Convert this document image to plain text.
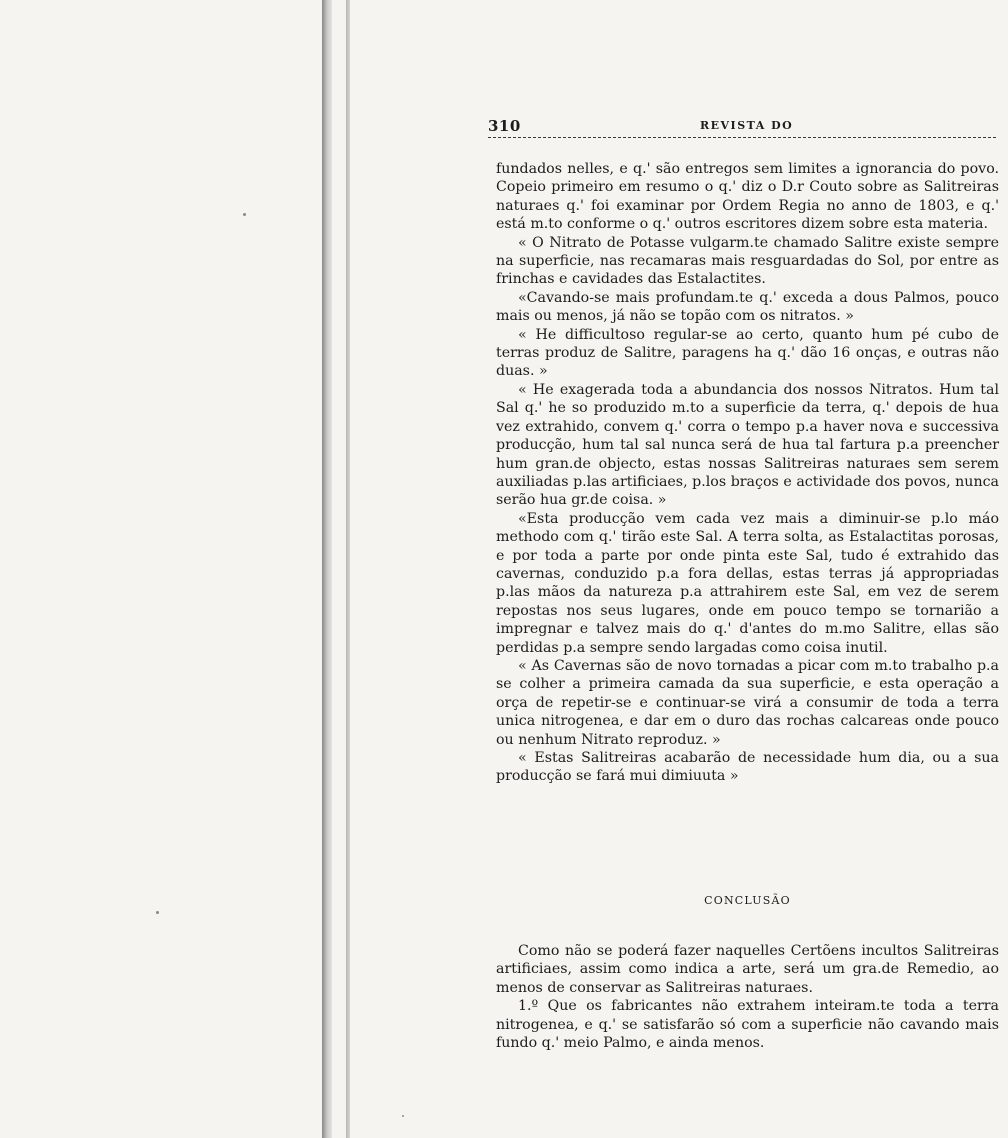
310	REVISTA DO

fundados nelles, e q.' são entregos sem limites a ignorancia do povo. Copeio primeiro em resumo o q.' diz o D.r Couto sobre as Salitreiras naturaes q.' foi examinar por Ordem Regia no anno de 1803, e q.' está m.to conforme o q.' outros escritores dizem sobre esta materia.

« O Nitrato de Potasse vulgarm.te chamado Salitre existe sempre na superficie, nas recamaras mais resguardadas do Sol, por entre as frinchas e cavidades das Estalactites.

«Cavando-se mais profundam.te q.' exceda a dous Palmos, pouco mais ou menos, já não se topão com os nitratos. »

« He difficultoso regular-se ao certo, quanto hum pé cubo de terras produz de Salitre, paragens ha q.' dão 16 onças, e outras não duas. »

« He exagerada toda a abundancia dos nossos Nitratos. Hum tal Sal q.' he so produzido m.to a superficie da terra, q.' depois de hua vez extrahido, convem q.' corra o tempo p.a haver nova e successiva producção, hum tal sal nunca será de hua tal fartura p.a preencher hum gran.de objecto, estas nossas Salitreiras naturaes sem serem auxiliadas p.las artificiaes, p.los braços e actividade dos povos, nunca serão hua gr.de coisa. »

«Esta producção vem cada vez mais a diminuir-se p.lo máo methodo com q.' tirão este Sal. A terra solta, as Estalactitas porosas, e por toda a parte por onde pinta este Sal, tudo é extrahido das cavernas, conduzido p.a fora dellas, estas terras já appropriadas p.las mãos da natureza p.a attrahirem este Sal, em vez de serem repostas nos seus lugares, onde em pouco tempo se tornarião a impregnar e talvez mais do q.' d'antes do m.mo Salitre, ellas são perdidas p.a sempre sendo largadas como coisa inutil.

« As Cavernas são de novo tornadas a picar com m.to trabalho p.a se colher a primeira camada da sua superficie, e esta operação a orça de repetir-se e continuar-se virá a consumir de toda a terra unica nitrogenea, e dar em o duro das rochas calcareas onde pouco ou nenhum Nitrato reproduz. »

« Estas Salitreiras acabarão de necessidade hum dia, ou a sua producção se fará mui dimiuuta »

CONCLUSÃO

Como não se poderá fazer naquelles Certõens incultos Salitreiras artificiaes, assim como indica a arte, será um gra.de Remedio, ao menos de conservar as Salitreiras naturaes.

1.º Que os fabricantes não extrahem inteiram.te toda a terra nitrogenea, e q.' se satisfarão só com a superficie não cavando mais fundo q.' meio Palmo, e ainda menos.
